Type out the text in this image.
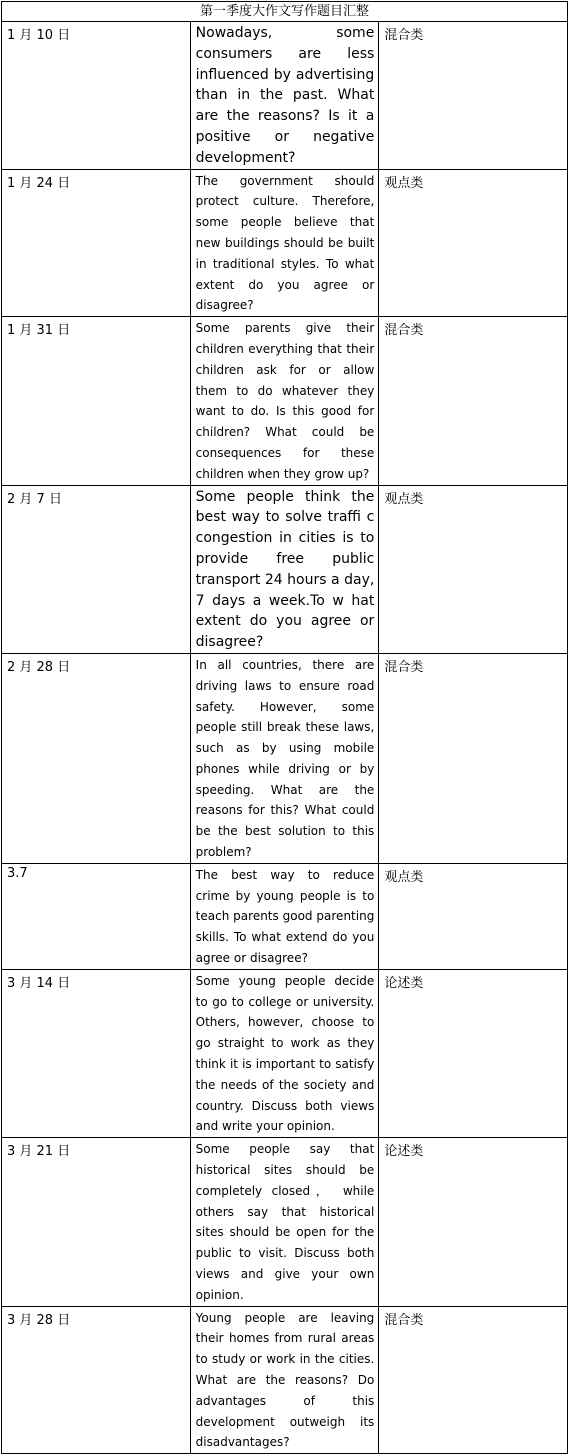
第一季度大作文写作题目汇整		
1 月 10 日	Nowadays, some consumers are less influenced by advertising than in the past. What are the reasons? Is it a positive or negative development?	混合类
1 月 24 日	The government should protect culture. Therefore, some people believe that new buildings should be built in traditional styles. To what extent do you agree or disagree?	观点类
1 月 31 日	Some parents give their children everything that their children ask for or allow them to do whatever they want to do. Is this good for children? What could be consequences for these children when they grow up?	混合类
2 月 7 日	Some people think the best way to solve traffi c congestion in cities is to provide free public transport 24 hours a day, 7 days a week.To w hat extent do you agree or disagree?	观点类
2 月 28 日	In all countries, there are driving laws to ensure road safety. However, some people still break these laws, such as by using mobile phones while driving or by speeding. What are the reasons for this? What could be the best solution to this problem?	混合类
3.7	The best way to reduce crime by young people is to teach parents good parenting skills. To what extend do you agree or disagree?	观点类
3 月 14 日	Some young people decide to go to college or university. Others, however, choose to go straight to work as they think it is important to satisfy the needs of the society and country. Discuss both views and write your opinion.	论述类
3 月 21 日	Some people say that historical sites should be completely closed， while others say that historical sites should be open for the public to visit. Discuss both views and give your own opinion.	论述类
3 月 28 日	Young people are leaving their homes from rural areas to study or work in the cities. What are the reasons? Do advantages of this development outweigh its disadvantages?	混合类
